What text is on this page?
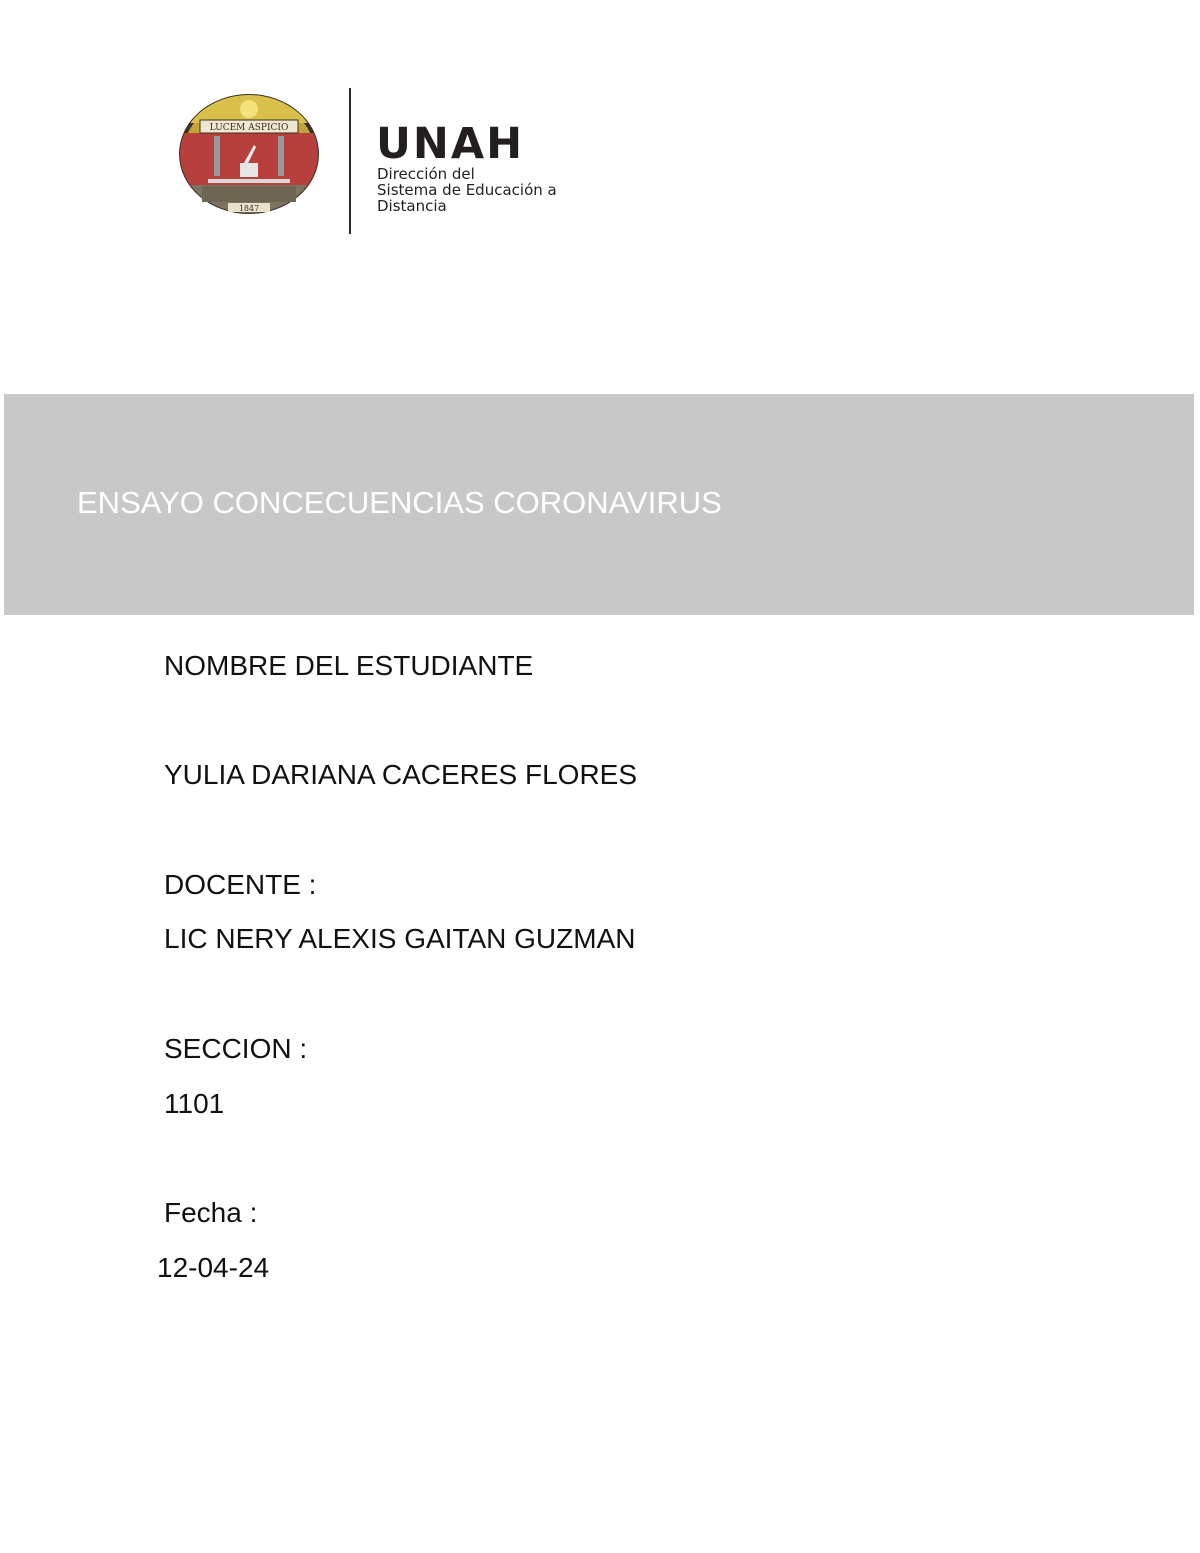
LUCEM ASPICIO
1847
UNAH
Dirección del
Sistema de Educación a
Distancia
ENSAYO CONCECUENCIAS CORONAVIRUS
NOMBRE DEL ESTUDIANTE
YULIA DARIANA CACERES FLORES
DOCENTE :
LIC NERY ALEXIS GAITAN GUZMAN
SECCION :
1101
Fecha :
12-04-24
